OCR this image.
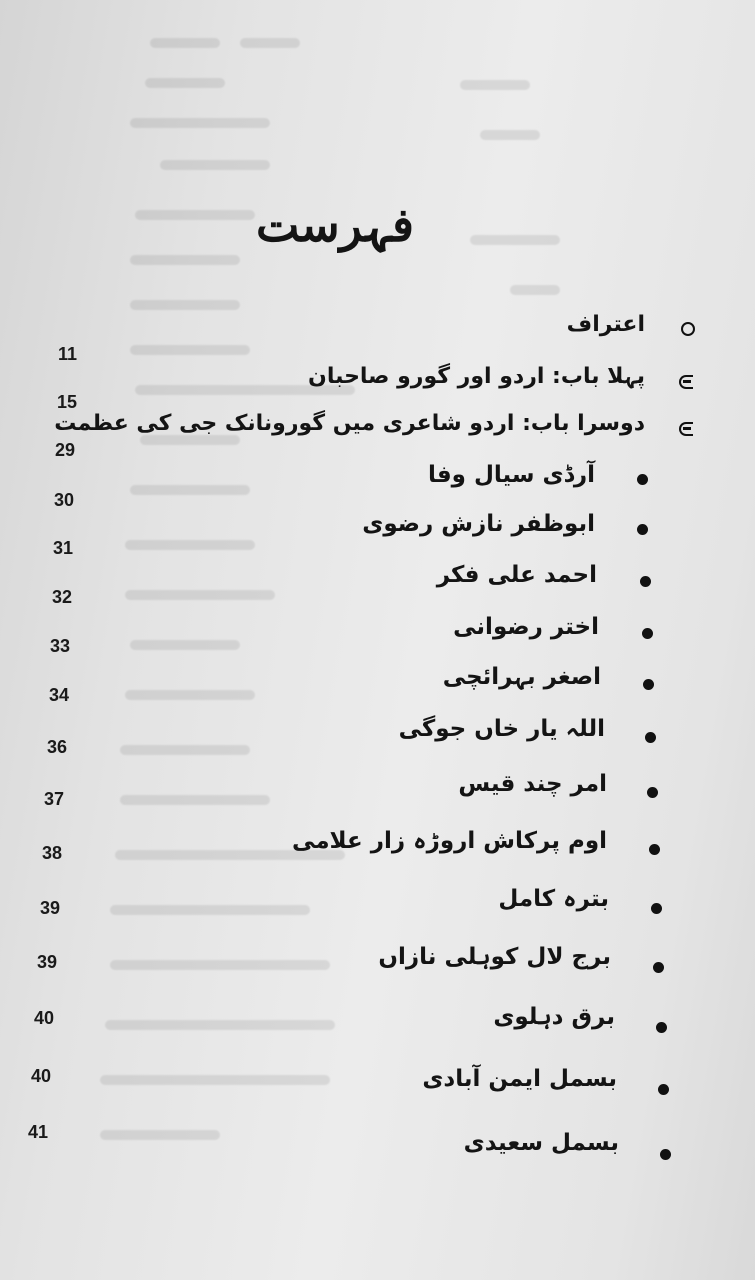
فہرست
اعتراف
11
پہلا باب: اردو اور گورو صاحبان
15
دوسرا باب: اردو شاعری میں گورونانک جی کی عظمت
29
آرڈی سیال وفا
30
ابوظفر نازش رضوی
31
احمد علی فکر
32
اختر رضوانی
33
اصغر بہرائچی
34
اللہ یار خاں جوگی
36
امر چند قیس
37
اوم پرکاش اروڑہ زار علامی
38
بترہ کامل
39
برج لال کوہلی نازاں
39
برق دہلوی
40
بسمل ایمن آبادی
40
بسمل سعیدی
41
